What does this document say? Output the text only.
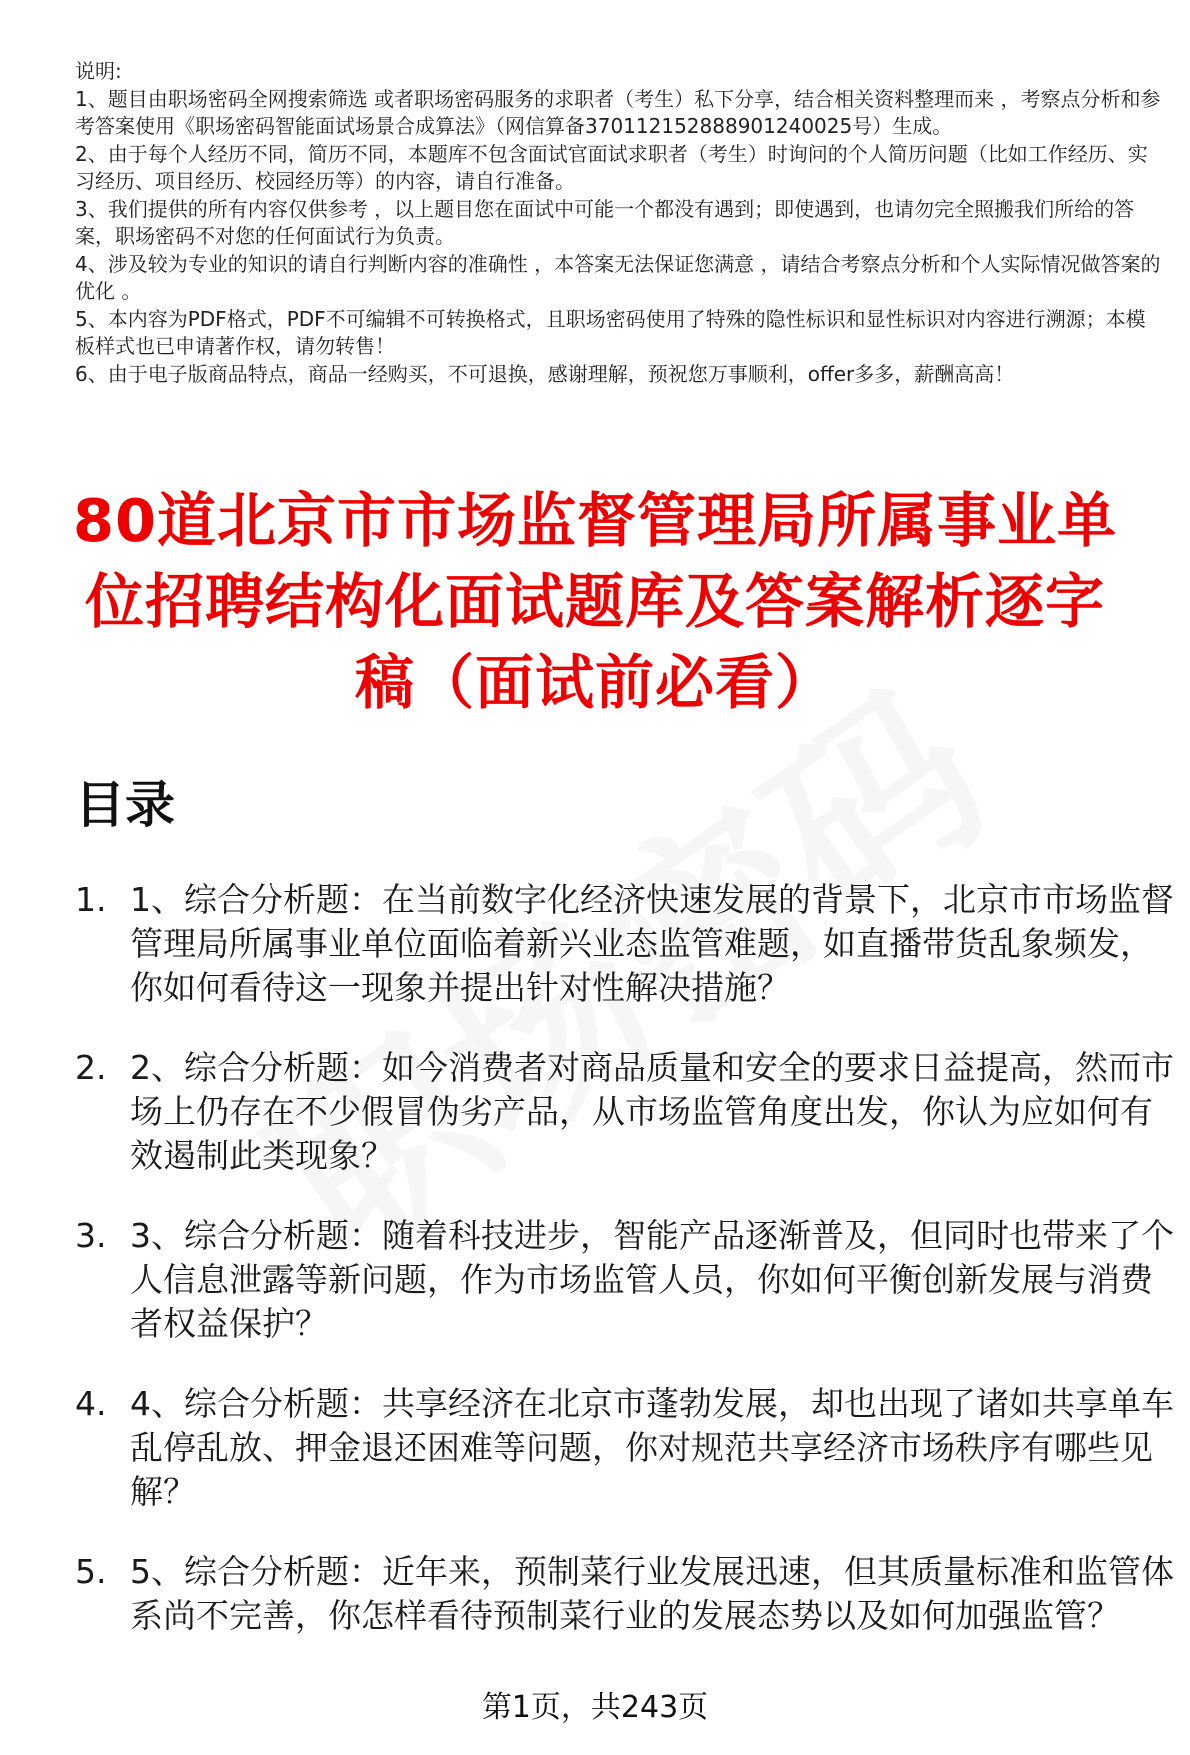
说明:

1、题目由职场密码全网搜索筛选 或者职场密码服务的求职者（考生）私下分享，结合相关资料整理而来 ，考察点分析和参考答案使用《职场密码智能面试场景合成算法》（网信算备370112152888901240025号）生成。

2、由于每个人经历不同，简历不同，本题库不包含面试官面试求职者（考生）时询问的个人简历问题（比如工作经历、实习经历、项目经历、校园经历等）的内容，请自行准备。

3、我们提供的所有内容仅供参考 ，以上题目您在面试中可能一个都没有遇到；即使遇到，也请勿完全照搬我们所给的答案，职场密码不对您的任何面试行为负责。

4、涉及较为专业的知识的请自行判断内容的准确性 ，本答案无法保证您满意 ，请结合考察点分析和个人实际情况做答案的优化 。

5、本内容为PDF格式，PDF不可编辑不可转换格式，且职场密码使用了特殊的隐性标识和显性标识对内容进行溯源；本模板样式也已申请著作权，请勿转售！

6、由于电子版商品特点，商品一经购买，不可退换，感谢理解，预祝您万事顺利，offer多多，薪酬高高！

80道北京市市场监督管理局所属事业单位招聘结构化面试题库及答案解析逐字稿（面试前必看）
目录
1. 1、综合分析题：在当前数字化经济快速发展的背景下，北京市市场监督管理局所属事业单位面临着新兴业态监管难题，如直播带货乱象频发，你如何看待这一现象并提出针对性解决措施？
2. 2、综合分析题：如今消费者对商品质量和安全的要求日益提高，然而市场上仍存在不少假冒伪劣产品，从市场监管角度出发，你认为应如何有效遏制此类现象？
3. 3、综合分析题：随着科技进步，智能产品逐渐普及，但同时也带来了个人信息泄露等新问题，作为市场监管人员，你如何平衡创新发展与消费者权益保护？
4. 4、综合分析题：共享经济在北京市蓬勃发展，却也出现了诸如共享单车乱停乱放、押金退还困难等问题，你对规范共享经济市场秩序有哪些见解？
5. 5、综合分析题：近年来，预制菜行业发展迅速，但其质量标准和监管体系尚不完善，你怎样看待预制菜行业的发展态势以及如何加强监管？
第1页，共243页
